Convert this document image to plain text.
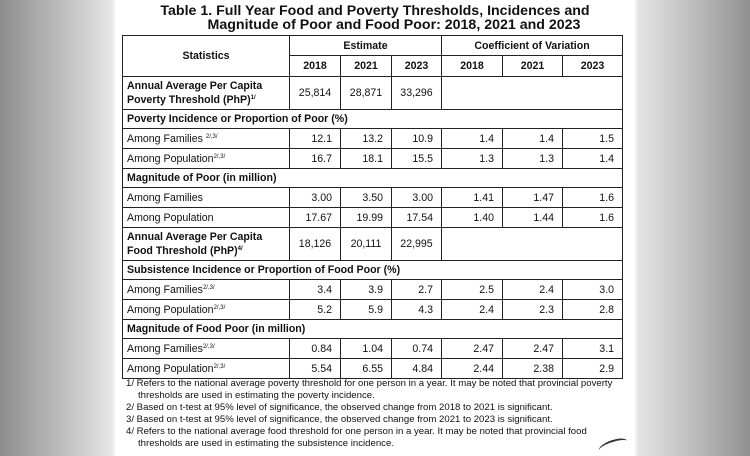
Table 1. Full Year Food and Poverty Thresholds, Incidences and
Magnitude of Poor and Food Poor: 2018, 2021 and 2023
Statistics	Estimate			Coefficient of Variation		
	2018	2021	2023	2018	2021	2023
Annual Average Per Capita
Poverty Threshold (PhP)$^{1/}$	25,814	28,871	33,296			
Poverty Incidence or Proportion of Poor (%)						
Among Families $^{2/,3/}$	12.1	13.2	10.9	1.4	1.4	1.5
Among Population$^{2/,3/}$	16.7	18.1	15.5	1.3	1.3	1.4
Magnitude of Poor (in million)						
Among Families	3.00	3.50	3.00	1.41	1.47	1.6
Among Population	17.67	19.99	17.54	1.40	1.44	1.6
Annual Average Per Capita
Food Threshold (PhP)$^{4/}$	18,126	20,111	22,995			
Subsistence Incidence or Proportion of Food Poor (%)						
Among Families$^{2/,3/}$	3.4	3.9	2.7	2.5	2.4	3.0
Among Population$^{2/,3/}$	5.2	5.9	4.3	2.4	2.3	2.8
Magnitude of Food Poor (in million)						
Among Families$^{2/,3/}$	0.84	1.04	0.74	2.47	2.47	3.1
Among Population$^{2/,3/}$	5.54	6.55	4.84	2.44	2.38	2.9
1/ Refers to the national average poverty threshold for one person in a year. It may be noted that provincial poverty thresholds are used in estimating the poverty incidence.
2/ Based on t-test at 95% level of significance, the observed change from 2018 to 2021 is significant.
3/ Based on t-test at 95% level of significance, the observed change from 2021 to 2023 is significant.
4/ Refers to the national average food threshold for one person in a year. It may be noted that provincial food thresholds are used in estimating the subsistence incidence.
